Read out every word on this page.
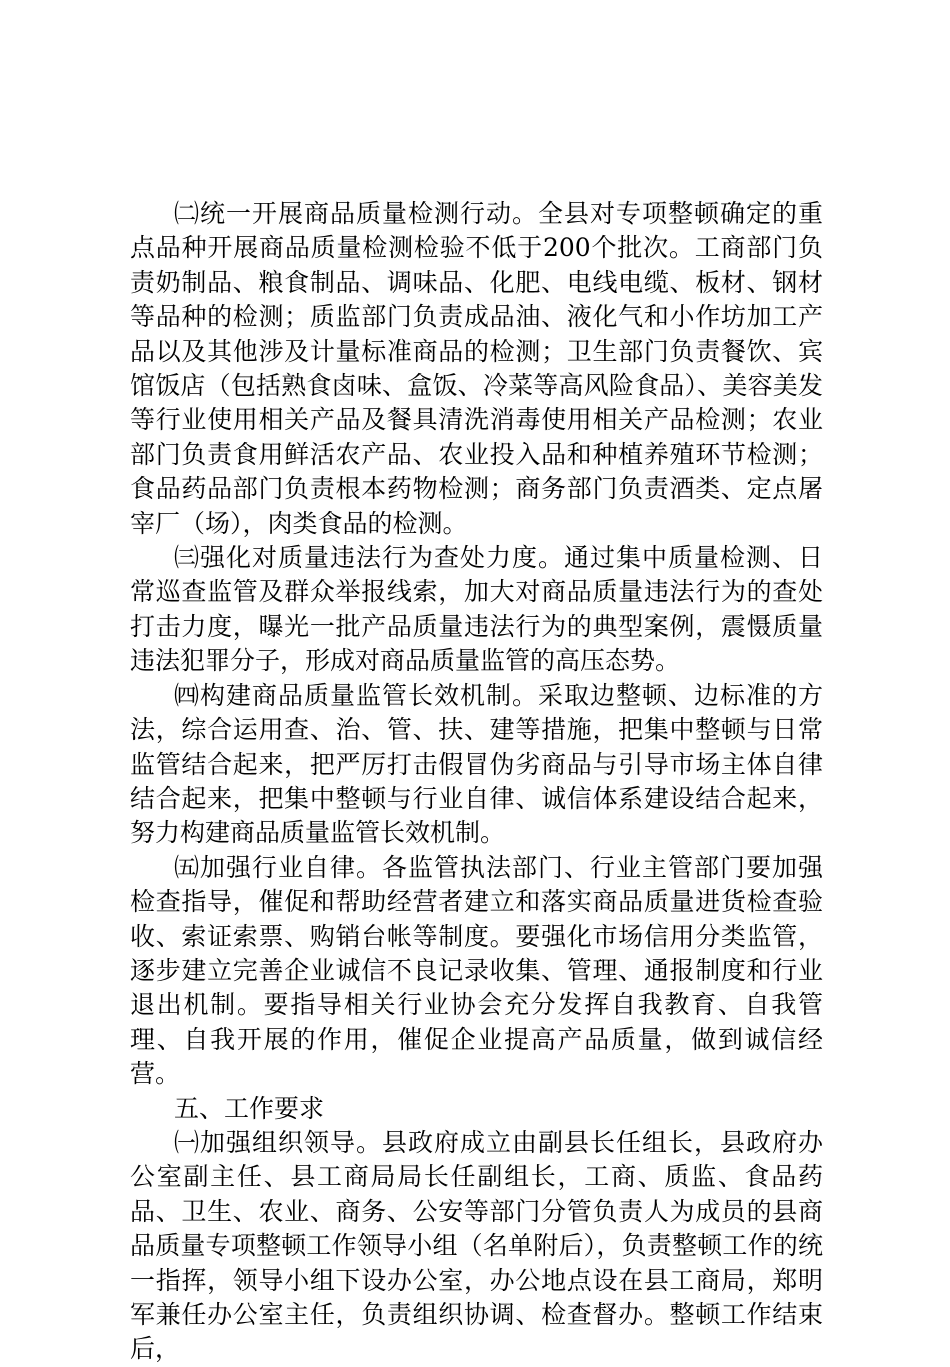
㈡统一开展商品质量检测行动。全县对专项整顿确定的重点品种开展商品质量检测检验不低于200个批次。工商部门负责奶制品、粮食制品、调味品、化肥、电线电缆、板材、钢材等品种的检测；质监部门负责成品油、液化气和小作坊加工产品以及其他涉及计量标准商品的检测；卫生部门负责餐饮、宾馆饭店（包括熟食卤味、盒饭、冷菜等高风险食品）、美容美发等行业使用相关产品及餐具清洗消毒使用相关产品检测；农业部门负责食用鲜活农产品、农业投入品和种植养殖环节检测；食品药品部门负责根本药物检测；商务部门负责酒类、定点屠宰厂（场），肉类食品的检测。

㈢强化对质量违法行为查处力度。通过集中质量检测、日常巡查监管及群众举报线索，加大对商品质量违法行为的查处打击力度，曝光一批产品质量违法行为的典型案例，震慑质量违法犯罪分子，形成对商品质量监管的高压态势。

㈣构建商品质量监管长效机制。采取边整顿、边标准的方法，综合运用查、治、管、扶、建等措施，把集中整顿与日常监管结合起来，把严厉打击假冒伪劣商品与引导市场主体自律结合起来，把集中整顿与行业自律、诚信体系建设结合起来，努力构建商品质量监管长效机制。

㈤加强行业自律。各监管执法部门、行业主管部门要加强检查指导，催促和帮助经营者建立和落实商品质量进货检查验收、索证索票、购销台帐等制度。要强化市场信用分类监管，逐步建立完善企业诚信不良记录收集、管理、通报制度和行业退出机制。要指导相关行业协会充分发挥自我教育、自我管理、自我开展的作用，催促企业提高产品质量，做到诚信经营。

五、工作要求

㈠加强组织领导。县政府成立由副县长任组长，县政府办公室副主任、县工商局局长任副组长，工商、质监、食品药品、卫生、农业、商务、公安等部门分管负责人为成员的县商品质量专项整顿工作领导小组（名单附后），负责整顿工作的统一指挥，领导小组下设办公室，办公地点设在县工商局，郑明军兼任办公室主任，负责组织协调、检查督办。整顿工作结束后，
